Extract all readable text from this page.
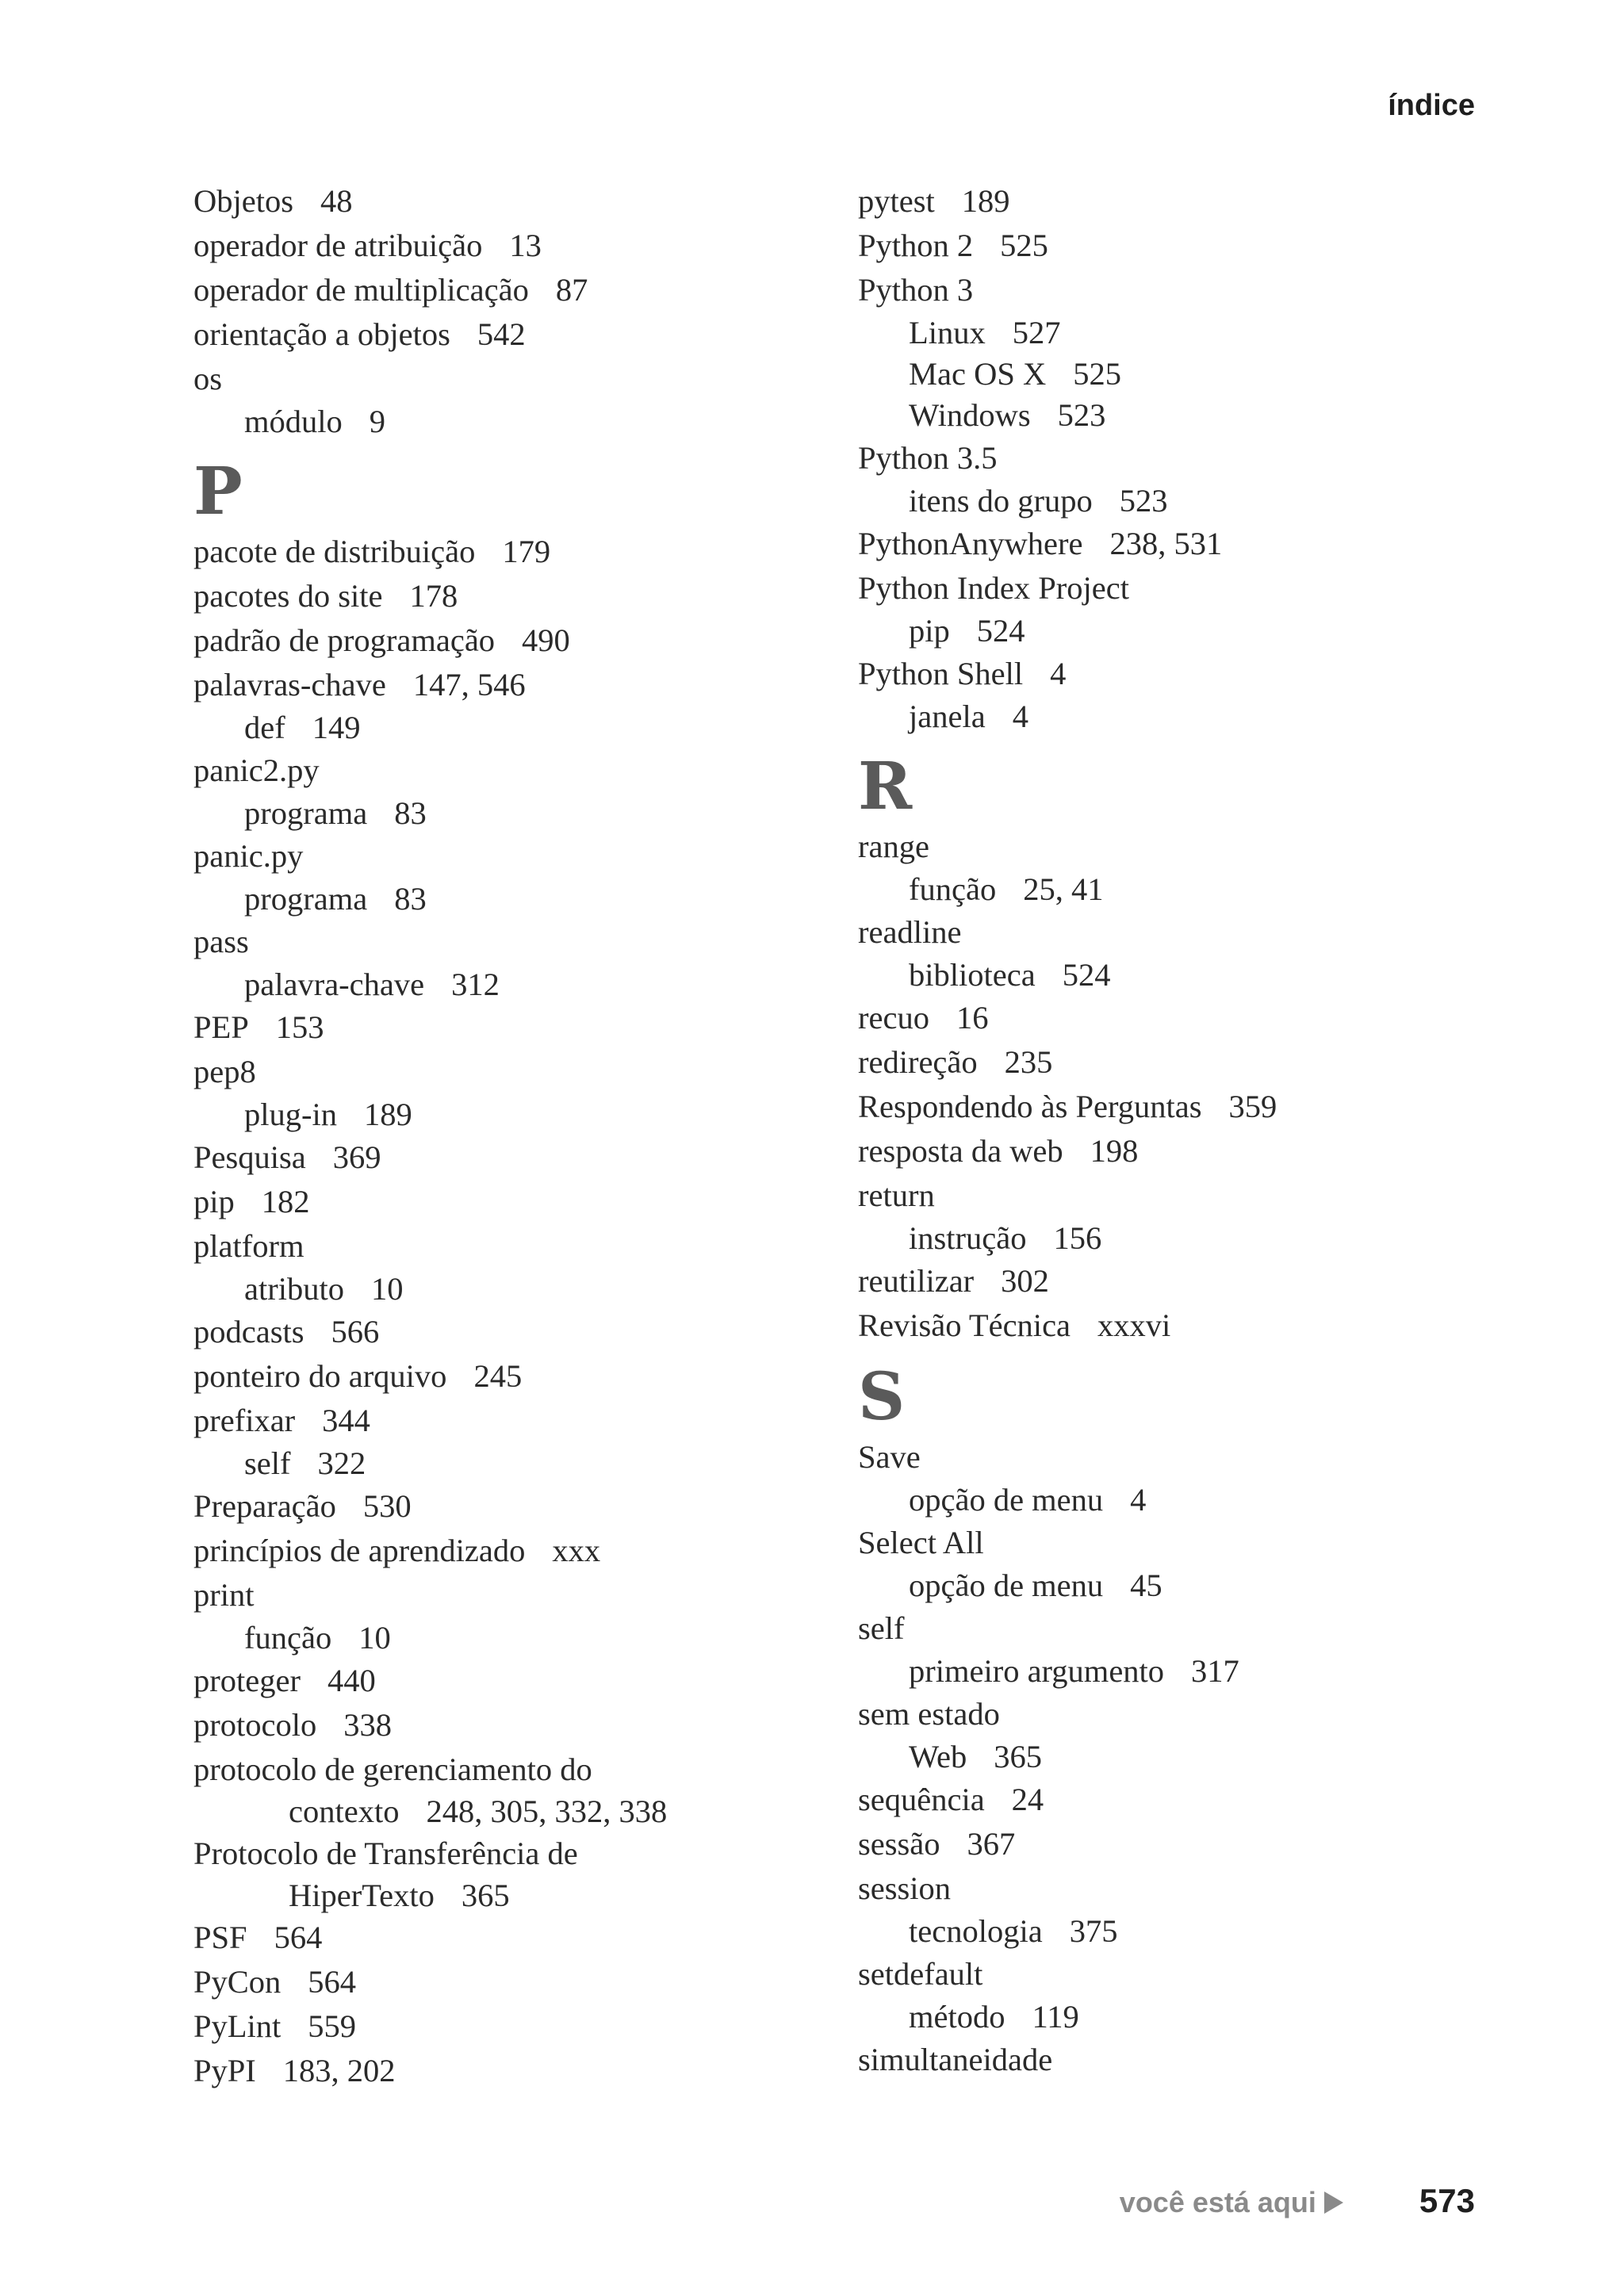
índice
Objetos 48
operador de atribuição 13
operador de multiplicação 87
orientação a objetos 542
os
módulo 9
P
pacote de distribuição 179
pacotes do site 178
padrão de programação 490
palavras-chave 147, 546
def 149
panic2.py
programa 83
panic.py
programa 83
pass
palavra-chave 312
PEP 153
pep8
plug-in 189
Pesquisa 369
pip 182
platform
atributo 10
podcasts 566
ponteiro do arquivo 245
prefixar 344
self 322
Preparação 530
princípios de aprendizado xxx
print
função 10
proteger 440
protocolo 338
protocolo de gerenciamento do
contexto 248, 305, 332, 338
Protocolo de Transferência de
HiperTexto 365
PSF 564
PyCon 564
PyLint 559
PyPI 183, 202
pytest 189
Python 2 525
Python 3
Linux 527
Mac OS X 525
Windows 523
Python 3.5
itens do grupo 523
PythonAnywhere 238, 531
Python Index Project
pip 524
Python Shell 4
janela 4
R
range
função 25, 41
readline
biblioteca 524
recuo 16
redireção 235
Respondendo às Perguntas 359
resposta da web 198
return
instrução 156
reutilizar 302
Revisão Técnica xxxvi
S
Save
opção de menu 4
Select All
opção de menu 45
self
primeiro argumento 317
sem estado
Web 365
sequência 24
sessão 367
session
tecnologia 375
setdefault
método 119
simultaneidade
você está aqui	573
